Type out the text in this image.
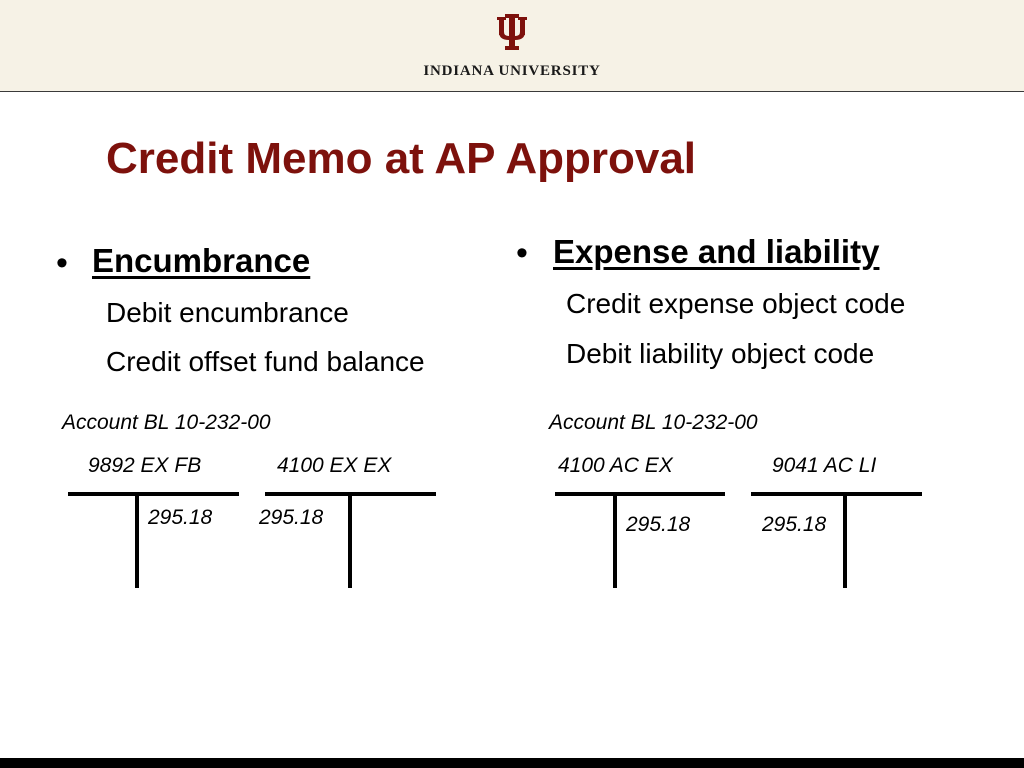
INDIANA UNIVERSITY
Credit Memo at AP Approval
• Encumbrance
Debit encumbrance
Credit offset fund balance
Account BL 10-232-00
9892 EX FB
295.18
4100 EX EX
295.18
• Expense and liability
Credit expense object code
Debit liability object code
Account BL 10-232-00
4100 AC EX
295.18
9041 AC LI
295.18
